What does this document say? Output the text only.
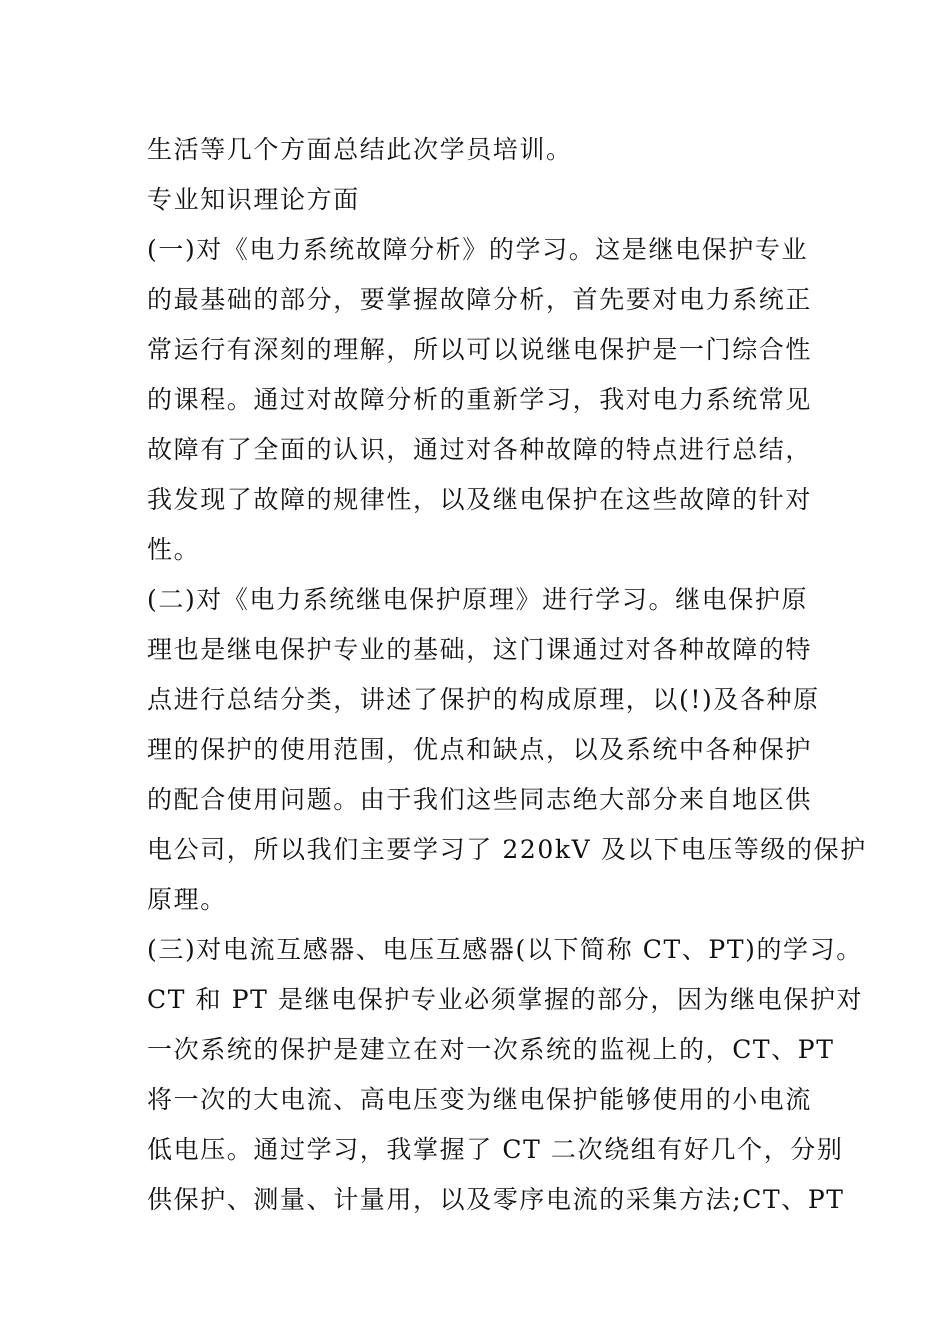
生活等几个方面总结此次学员培训。
专业知识理论方面
(一)对《电力系统故障分析》的学习。这是继电保护专业
的最基础的部分，要掌握故障分析，首先要对电力系统正
常运行有深刻的理解，所以可以说继电保护是一门综合性
的课程。通过对故障分析的重新学习，我对电力系统常见
故障有了全面的认识，通过对各种故障的特点进行总结，
我发现了故障的规律性，以及继电保护在这些故障的针对
性。
(二)对《电力系统继电保护原理》进行学习。继电保护原
理也是继电保护专业的基础，这门课通过对各种故障的特
点进行总结分类，讲述了保护的构成原理，以(!)及各种原
理的保护的使用范围，优点和缺点，以及系统中各种保护
的配合使用问题。由于我们这些同志绝大部分来自地区供
电公司，所以我们主要学习了 220kV 及以下电压等级的保护
原理。
(三)对电流互感器、电压互感器(以下简称 CT、PT)的学习。
CT 和 PT 是继电保护专业必须掌握的部分，因为继电保护对
一次系统的保护是建立在对一次系统的监视上的，CT、PT
将一次的大电流、高电压变为继电保护能够使用的小电流
低电压。通过学习，我掌握了 CT 二次绕组有好几个，分别
供保护、测量、计量用，以及零序电流的采集方法;CT、PT
